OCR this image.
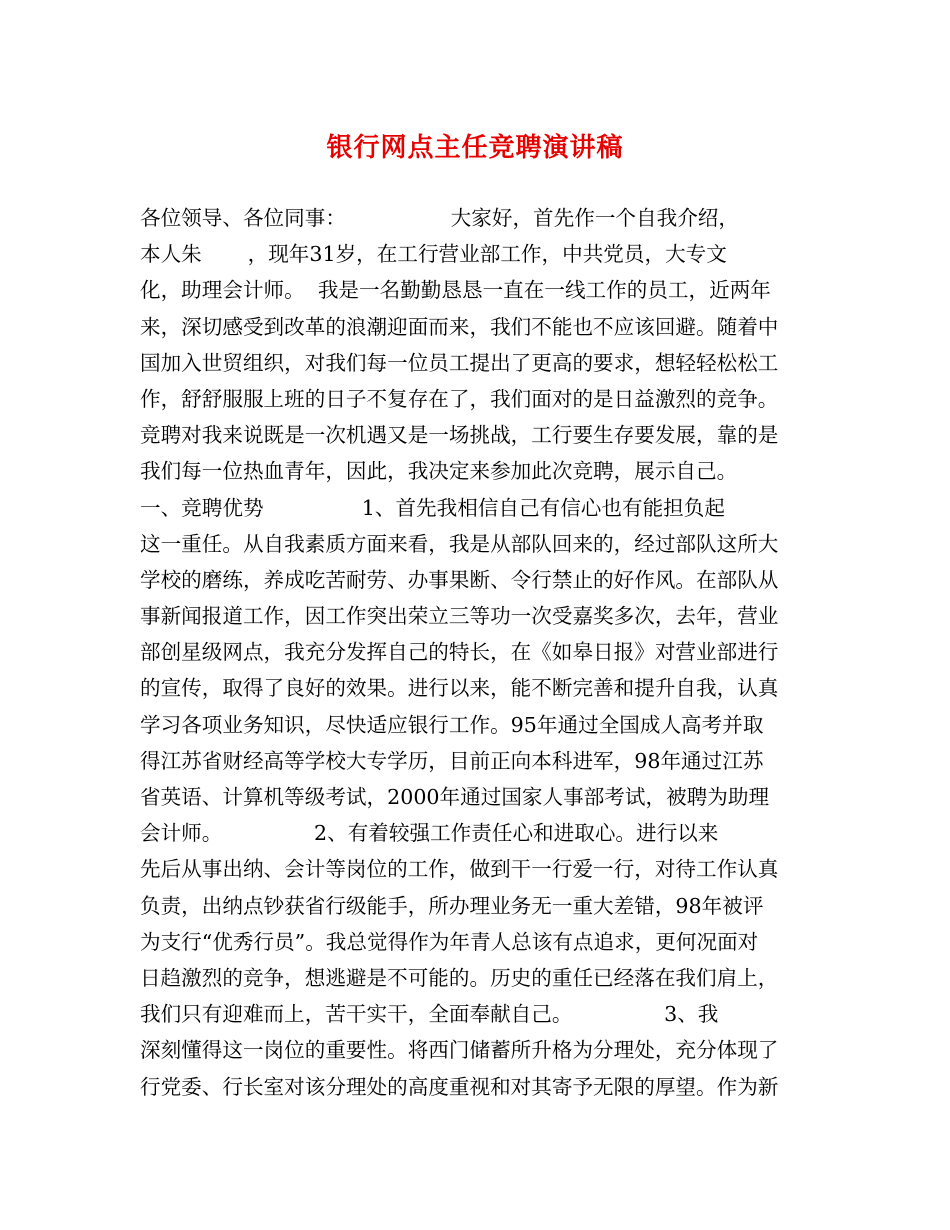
银行网点主任竞聘演讲稿
各位领导、各位同事：                大家好，首先作一个自我介绍，
本人朱       ，现年31岁，在工行营业部工作，中共党员，大专文
化，助理会计师。  我是一名勤勤恳恳一直在一线工作的员工，近两年
来，深切感受到改革的浪潮迎面而来，我们不能也不应该回避。随着中
国加入世贸组织，对我们每一位员工提出了更高的要求，想轻轻松松工
作，舒舒服服上班的日子不复存在了，我们面对的是日益激烈的竞争。
竞聘对我来说既是一次机遇又是一场挑战，工行要生存要发展，靠的是
我们每一位热血青年，因此，我决定来参加此次竞聘，展示自己。
一、竞聘优势               1、首先我相信自己有信心也有能担负起
这一重任。从自我素质方面来看，我是从部队回来的，经过部队这所大
学校的磨练，养成吃苦耐劳、办事果断、令行禁止的好作风。在部队从
事新闻报道工作，因工作突出荣立三等功一次受嘉奖多次，去年，营业
部创星级网点，我充分发挥自己的特长，在《如皋日报》对营业部进行
的宣传，取得了良好的效果。进行以来，能不断完善和提升自我，认真
学习各项业务知识，尽快适应银行工作。95年通过全国成人高考并取
得江苏省财经高等学校大专学历，目前正向本科进军，98年通过江苏
省英语、计算机等级考试，2000年通过国家人事部考试，被聘为助理
会计师。              2、有着较强工作责任心和进取心。进行以来
先后从事出纳、会计等岗位的工作，做到干一行爱一行，对待工作认真
负责，出纳点钞获省行级能手，所办理业务无一重大差错，98年被评
为支行“优秀行员”。我总觉得作为年青人总该有点追求，更何况面对
日趋激烈的竞争，想逃避是不可能的。历史的重任已经落在我们肩上，
我们只有迎难而上，苦干实干，全面奉献自己。              3、我
深刻懂得这一岗位的重要性。将西门储蓄所升格为分理处，充分体现了
行党委、行长室对该分理处的高度重视和对其寄予无限的厚望。作为新
